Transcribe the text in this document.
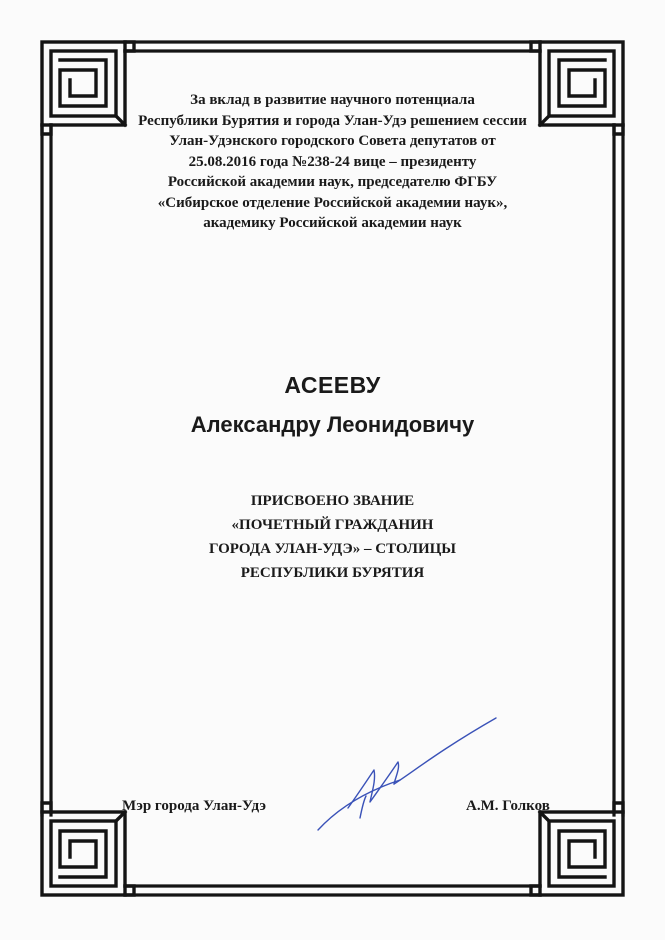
За вклад в развитие научного потенциала
Республики Бурятия и города Улан-Удэ решением сессии
Улан-Удэнского городского Совета депутатов от
25.08.2016 года №238-24 вице – президенту
Российской академии наук, председателю ФГБУ
«Сибирское отделение Российской академии наук»,
академику Российской академии наук
АСЕЕВУ
Александру Леонидовичу
ПРИСВОЕНО ЗВАНИЕ
«ПОЧЕТНЫЙ ГРАЖДАНИН
ГОРОДА УЛАН-УДЭ» – СТОЛИЦЫ
РЕСПУБЛИКИ БУРЯТИЯ
Мэр города Улан-Удэ	А.М. Голков
